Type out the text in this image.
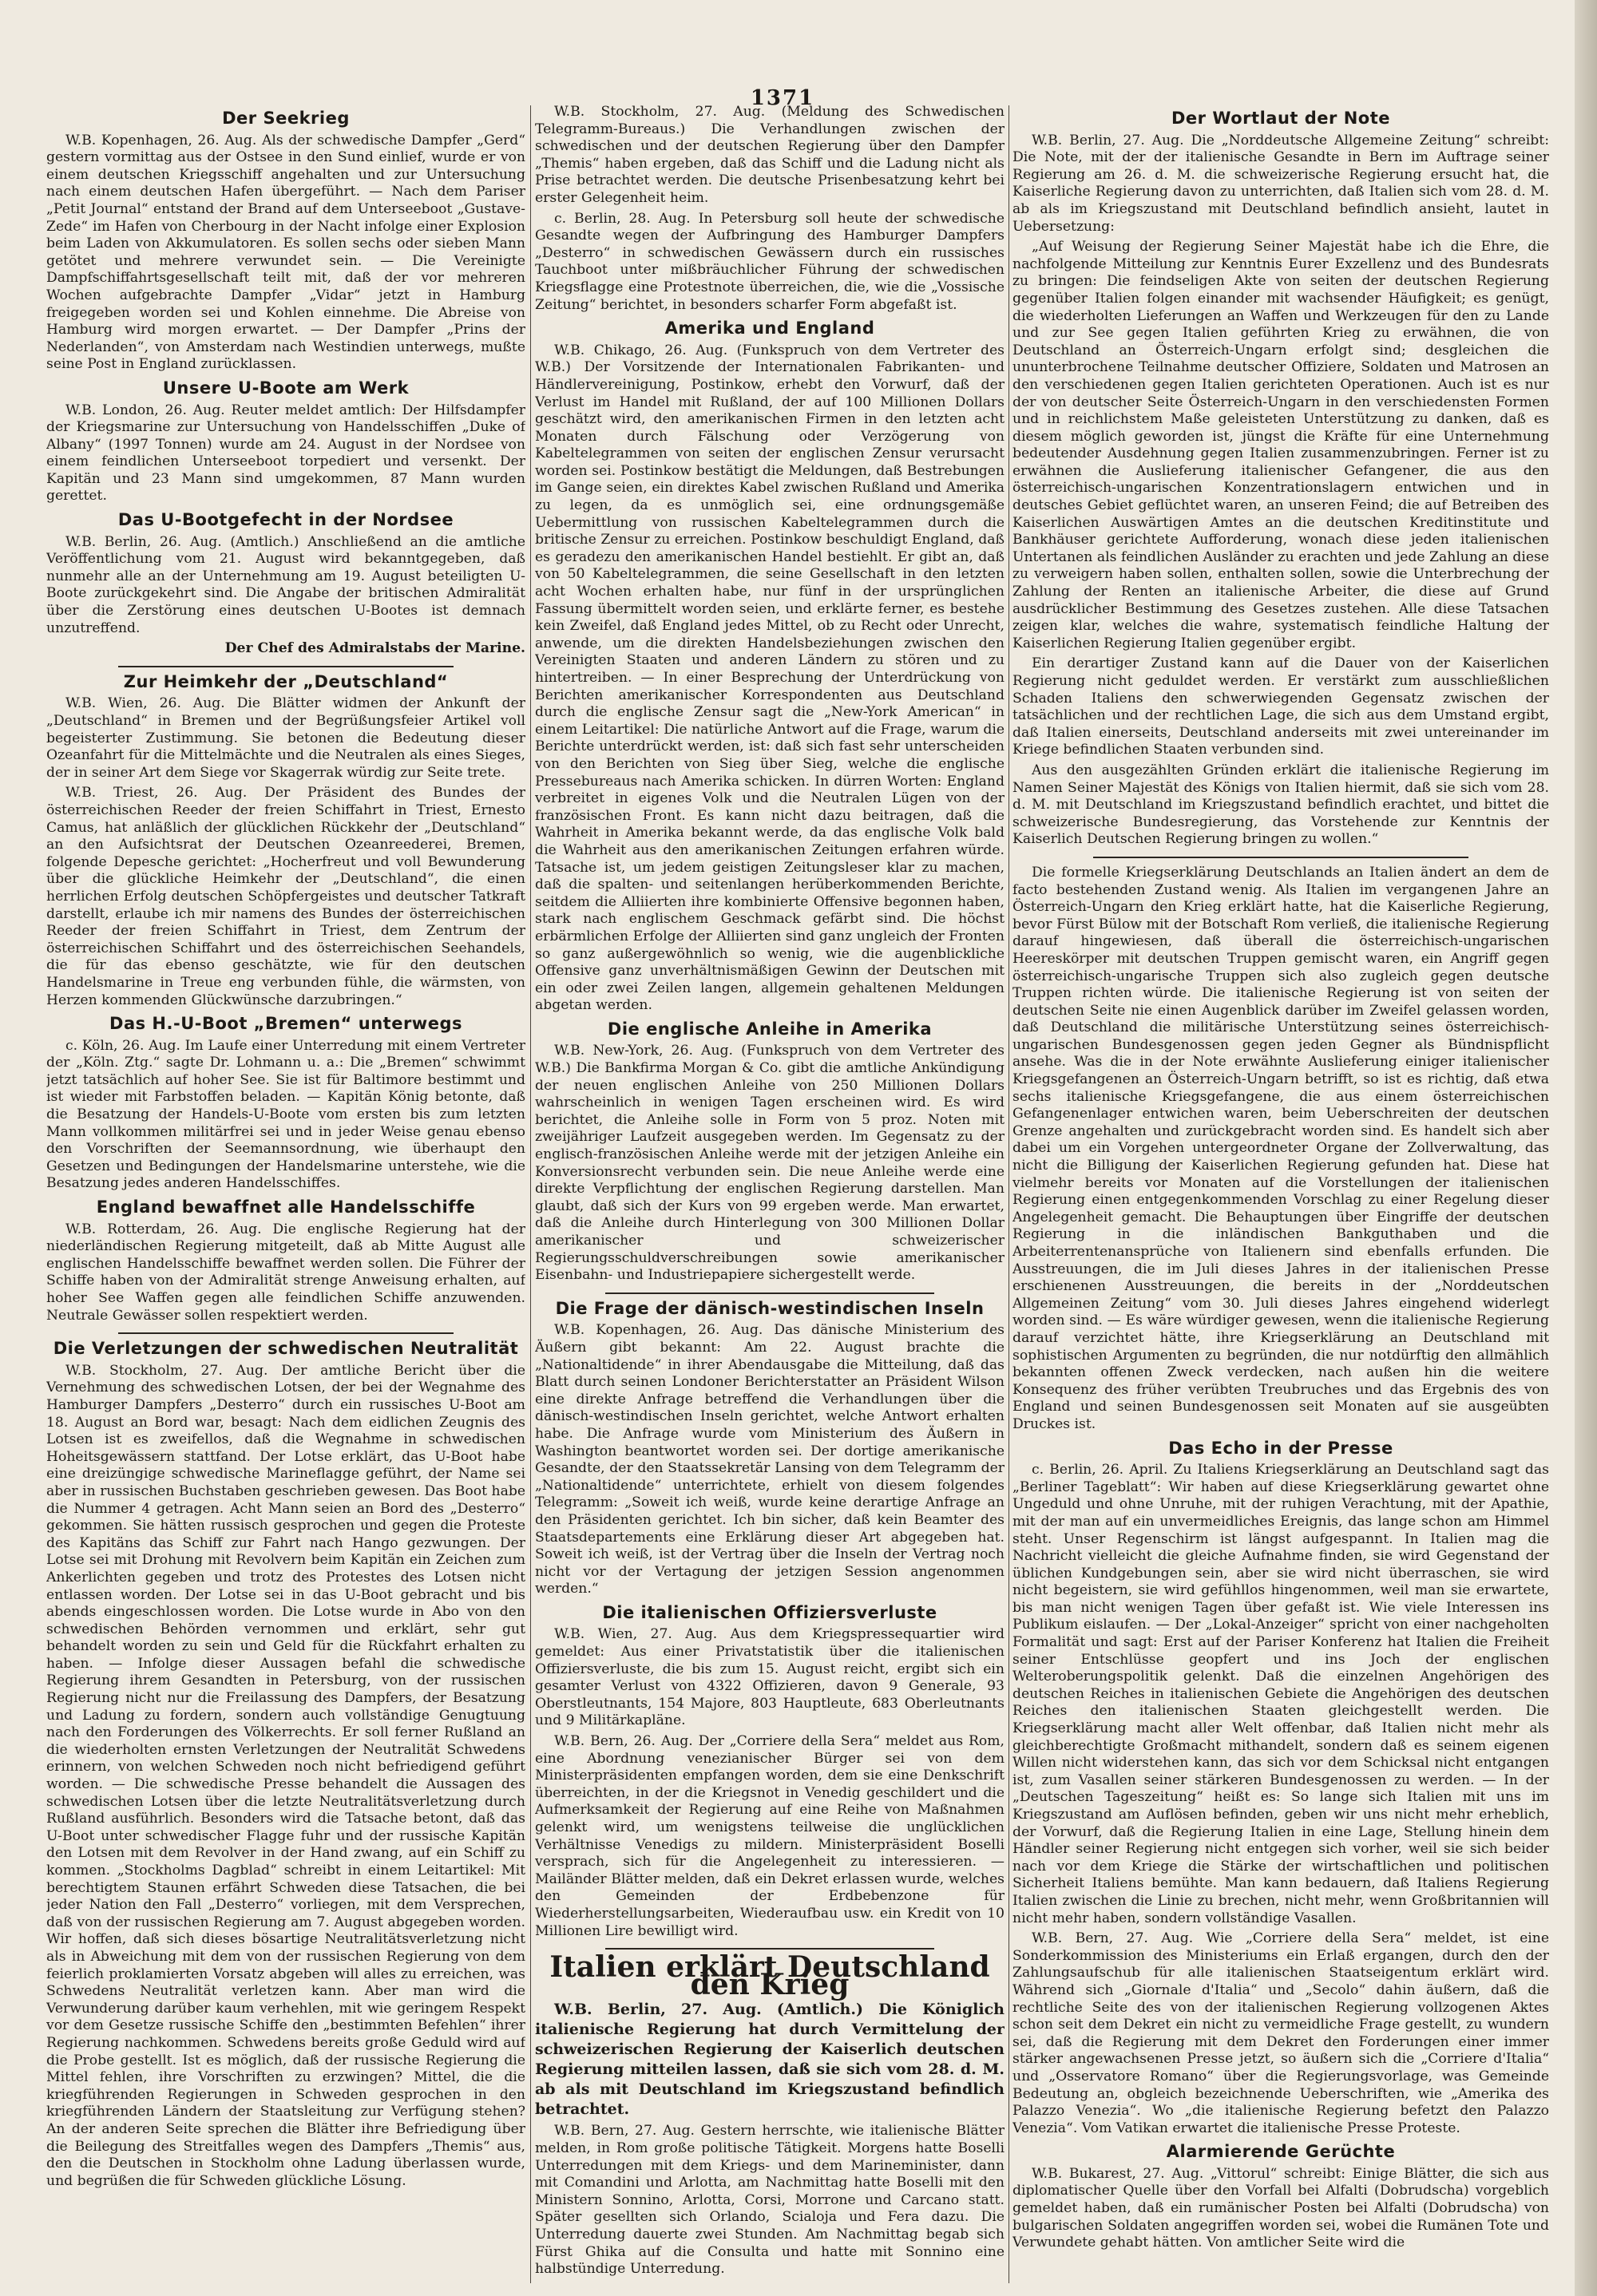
1371
Der Seekrieg

W.B. Kopenhagen, 26. Aug. Als der schwedische Dampfer „Gerd“ gestern vormittag aus der Ostsee in den Sund einlief, wurde er von einem deutschen Kriegsschiff angehalten und zur Untersuchung nach einem deutschen Hafen übergeführt. — Nach dem Pariser „Petit Journal“ entstand der Brand auf dem Unterseeboot „Gustave-Zede“ im Hafen von Cherbourg in der Nacht infolge einer Explosion beim Laden von Akkumulatoren. Es sollen sechs oder sieben Mann getötet und mehrere verwundet sein. — Die Vereinigte Dampfschiffahrtsgesellschaft teilt mit, daß der vor mehreren Wochen aufgebrachte Dampfer „Vidar“ jetzt in Hamburg freigegeben worden sei und Kohlen einnehme. Die Abreise von Hamburg wird morgen erwartet. — Der Dampfer „Prins der Nederlanden“, von Amsterdam nach Westindien unterwegs, mußte seine Post in England zurücklassen.

Unsere U-Boote am Werk

W.B. London, 26. Aug. Reuter meldet amtlich: Der Hilfsdampfer der Kriegsmarine zur Untersuchung von Handelsschiffen „Duke of Albany“ (1997 Tonnen) wurde am 24. August in der Nordsee von einem feindlichen Unterseeboot torpediert und versenkt. Der Kapitän und 23 Mann sind umgekommen, 87 Mann wurden gerettet.

Das U-Bootgefecht in der Nordsee

W.B. Berlin, 26. Aug. (Amtlich.) Anschließend an die amtliche Veröffentlichung vom 21. August wird bekanntgegeben, daß nunmehr alle an der Unternehmung am 19. August beteiligten U-Boote zurückgekehrt sind. Die Angabe der britischen Admiralität über die Zerstörung eines deutschen U-Bootes ist demnach unzutreffend.

Der Chef des Admiralstabs der Marine.

Zur Heimkehr der „Deutschland“

W.B. Wien, 26. Aug. Die Blätter widmen der Ankunft der „Deutschland“ in Bremen und der Begrüßungsfeier Artikel voll begeisterter Zustimmung. Sie betonen die Bedeutung dieser Ozeanfahrt für die Mittelmächte und die Neutralen als eines Sieges, der in seiner Art dem Siege vor Skagerrak würdig zur Seite trete.

W.B. Triest, 26. Aug. Der Präsident des Bundes der österreichischen Reeder der freien Schiffahrt in Triest, Ernesto Camus, hat anläßlich der glücklichen Rückkehr der „Deutschland“ an den Aufsichtsrat der Deutschen Ozeanreederei, Bremen, folgende Depesche gerichtet: „Hocherfreut und voll Bewunderung über die glückliche Heimkehr der „Deutschland“, die einen herrlichen Erfolg deutschen Schöpfergeistes und deutscher Tatkraft darstellt, erlaube ich mir namens des Bundes der österreichischen Reeder der freien Schiffahrt in Triest, dem Zentrum der österreichischen Schiffahrt und des österreichischen Seehandels, die für das ebenso geschätzte, wie für den deutschen Handelsmarine in Treue eng verbunden fühle, die wärmsten, von Herzen kommenden Glückwünsche darzubringen.“

Das H.-U-Boot „Bremen“ unterwegs

c. Köln, 26. Aug. Im Laufe einer Unterredung mit einem Vertreter der „Köln. Ztg.“ sagte Dr. Lohmann u. a.: Die „Bremen“ schwimmt jetzt tatsächlich auf hoher See. Sie ist für Baltimore bestimmt und ist wieder mit Farbstoffen beladen. — Kapitän König betonte, daß die Besatzung der Handels-U-Boote vom ersten bis zum letzten Mann vollkommen militärfrei sei und in jeder Weise genau ebenso den Vorschriften der Seemannsordnung, wie überhaupt den Gesetzen und Bedingungen der Handelsmarine unterstehe, wie die Besatzung jedes anderen Handelsschiffes.

England bewaffnet alle Handelsschiffe

W.B. Rotterdam, 26. Aug. Die englische Regierung hat der niederländischen Regierung mitgeteilt, daß ab Mitte August alle englischen Handelsschiffe bewaffnet werden sollen. Die Führer der Schiffe haben von der Admiralität strenge Anweisung erhalten, auf hoher See Waffen gegen alle feindlichen Schiffe anzuwenden. Neutrale Gewässer sollen respektiert werden.

Die Verletzungen der schwedischen Neutralität

W.B. Stockholm, 27. Aug. Der amtliche Bericht über die Vernehmung des schwedischen Lotsen, der bei der Wegnahme des Hamburger Dampfers „Desterro“ durch ein russisches U-Boot am 18. August an Bord war, besagt: Nach dem eidlichen Zeugnis des Lotsen ist es zweifellos, daß die Wegnahme in schwedischen Hoheitsgewässern stattfand. Der Lotse erklärt, das U-Boot habe eine dreizüngige schwedische Marineflagge geführt, der Name sei aber in russischen Buchstaben geschrieben gewesen. Das Boot habe die Nummer 4 getragen. Acht Mann seien an Bord des „Desterro“ gekommen. Sie hätten russisch gesprochen und gegen die Proteste des Kapitäns das Schiff zur Fahrt nach Hango gezwungen. Der Lotse sei mit Drohung mit Revolvern beim Kapitän ein Zeichen zum Ankerlichten gegeben und trotz des Protestes des Lotsen nicht entlassen worden. Der Lotse sei in das U-Boot gebracht und bis abends eingeschlossen worden. Die Lotse wurde in Abo von den schwedischen Behörden vernommen und erklärt, sehr gut behandelt worden zu sein und Geld für die Rückfahrt erhalten zu haben. — Infolge dieser Aussagen befahl die schwedische Regierung ihrem Gesandten in Petersburg, von der russischen Regierung nicht nur die Freilassung des Dampfers, der Besatzung und Ladung zu fordern, sondern auch vollständige Genugtuung nach den Forderungen des Völkerrechts. Er soll ferner Rußland an die wiederholten ernsten Verletzungen der Neutralität Schwedens erinnern, von welchen Schweden noch nicht befriedigend geführt worden. — Die schwedische Presse behandelt die Aussagen des schwedischen Lotsen über die letzte Neutralitätsverletzung durch Rußland ausführlich. Besonders wird die Tatsache betont, daß das U-Boot unter schwedischer Flagge fuhr und der russische Kapitän den Lotsen mit dem Revolver in der Hand zwang, auf ein Schiff zu kommen. „Stockholms Dagblad“ schreibt in einem Leitartikel: Mit berechtigtem Staunen erfährt Schweden diese Tatsachen, die bei jeder Nation den Fall „Desterro“ vorliegen, mit dem Versprechen, daß von der russischen Regierung am 7. August abgegeben worden. Wir hoffen, daß sich dieses bösartige Neutralitätsverletzung nicht als in Abweichung mit dem von der russischen Regierung von dem feierlich proklamierten Vorsatz abgeben will alles zu erreichen, was Schwedens Neutralität verletzen kann. Aber man wird die Verwunderung darüber kaum verhehlen, mit wie geringem Respekt vor dem Gesetze russische Schiffe den „bestimmten Befehlen“ ihrer Regierung nachkommen. Schwedens bereits große Geduld wird auf die Probe gestellt. Ist es möglich, daß der russische Regierung die Mittel fehlen, ihre Vorschriften zu erzwingen? Mittel, die die kriegführenden Regierungen in Schweden gesprochen in den kriegführenden Ländern der Staatsleitung zur Verfügung stehen? An der anderen Seite sprechen die Blätter ihre Befriedigung über die Beilegung des Streitfalles wegen des Dampfers „Themis“ aus, den die Deutschen in Stockholm ohne Ladung überlassen wurde, und begrüßen die für Schweden glückliche Lösung.

W.B. Stockholm, 27. Aug. (Meldung des Schwedischen Telegramm-Bureaus.) Die Verhandlungen zwischen der schwedischen und der deutschen Regierung über den Dampfer „Themis“ haben ergeben, daß das Schiff und die Ladung nicht als Prise betrachtet werden. Die deutsche Prisenbesatzung kehrt bei erster Gelegenheit heim.

c. Berlin, 28. Aug. In Petersburg soll heute der schwedische Gesandte wegen der Aufbringung des Hamburger Dampfers „Desterro“ in schwedischen Gewässern durch ein russisches Tauchboot unter mißbräuchlicher Führung der schwedischen Kriegsflagge eine Protestnote überreichen, die, wie die „Vossische Zeitung“ berichtet, in besonders scharfer Form abgefaßt ist.

Amerika und England

W.B. Chikago, 26. Aug. (Funkspruch von dem Vertreter des W.B.) Der Vorsitzende der Internationalen Fabrikanten- und Händlervereinigung, Postinkow, erhebt den Vorwurf, daß der Verlust im Handel mit Rußland, der auf 100 Millionen Dollars geschätzt wird, den amerikanischen Firmen in den letzten acht Monaten durch Fälschung oder Verzögerung von Kabeltelegrammen von seiten der englischen Zensur verursacht worden sei. Postinkow bestätigt die Meldungen, daß Bestrebungen im Gange seien, ein direktes Kabel zwischen Rußland und Amerika zu legen, da es unmöglich sei, eine ordnungsgemäße Uebermittlung von russischen Kabeltelegrammen durch die britische Zensur zu erreichen. Postinkow beschuldigt England, daß es geradezu den amerikanischen Handel bestiehlt. Er gibt an, daß von 50 Kabeltelegrammen, die seine Gesellschaft in den letzten acht Wochen erhalten habe, nur fünf in der ursprünglichen Fassung übermittelt worden seien, und erklärte ferner, es bestehe kein Zweifel, daß England jedes Mittel, ob zu Recht oder Unrecht, anwende, um die direkten Handelsbeziehungen zwischen den Vereinigten Staaten und anderen Ländern zu stören und zu hintertreiben. — In einer Besprechung der Unterdrückung von Berichten amerikanischer Korrespondenten aus Deutschland durch die englische Zensur sagt die „New-York American“ in einem Leitartikel: Die natürliche Antwort auf die Frage, warum die Berichte unterdrückt werden, ist: daß sich fast sehr unterscheiden von den Berichten von Sieg über Sieg, welche die englische Pressebureaus nach Amerika schicken. In dürren Worten: England verbreitet in eigenes Volk und die Neutralen Lügen von der französischen Front. Es kann nicht dazu beitragen, daß die Wahrheit in Amerika bekannt werde, da das englische Volk bald die Wahrheit aus den amerikanischen Zeitungen erfahren würde. Tatsache ist, um jedem geistigen Zeitungsleser klar zu machen, daß die spalten- und seitenlangen herüberkommenden Berichte, seitdem die Alliierten ihre kombinierte Offensive begonnen haben, stark nach englischem Geschmack gefärbt sind. Die höchst erbärmlichen Erfolge der Alliierten sind ganz ungleich der Fronten so ganz außergewöhnlich so wenig, wie die augenblickliche Offensive ganz unverhältnismäßigen Gewinn der Deutschen mit ein oder zwei Zeilen langen, allgemein gehaltenen Meldungen abgetan werden.

Die englische Anleihe in Amerika

W.B. New-York, 26. Aug. (Funkspruch von dem Vertreter des W.B.) Die Bankfirma Morgan & Co. gibt die amtliche Ankündigung der neuen englischen Anleihe von 250 Millionen Dollars wahrscheinlich in wenigen Tagen erscheinen wird. Es wird berichtet, die Anleihe solle in Form von 5 proz. Noten mit zweijähriger Laufzeit ausgegeben werden. Im Gegensatz zu der englisch-französischen Anleihe werde mit der jetzigen Anleihe ein Konversionsrecht verbunden sein. Die neue Anleihe werde eine direkte Verpflichtung der englischen Regierung darstellen. Man glaubt, daß sich der Kurs von 99 ergeben werde. Man erwartet, daß die Anleihe durch Hinterlegung von 300 Millionen Dollar amerikanischer und schweizerischer Regierungsschuldverschreibungen sowie amerikanischer Eisenbahn- und Industriepapiere sichergestellt werde.

Die Frage der dänisch-westindischen Inseln

W.B. Kopenhagen, 26. Aug. Das dänische Ministerium des Äußern gibt bekannt: Am 22. August brachte die „Nationaltidende“ in ihrer Abendausgabe die Mitteilung, daß das Blatt durch seinen Londoner Berichterstatter an Präsident Wilson eine direkte Anfrage betreffend die Verhandlungen über die dänisch-westindischen Inseln gerichtet, welche Antwort erhalten habe. Die Anfrage wurde vom Ministerium des Äußern in Washington beantwortet worden sei. Der dortige amerikanische Gesandte, der den Staatssekretär Lansing von dem Telegramm der „Nationaltidende“ unterrichtete, erhielt von diesem folgendes Telegramm: „Soweit ich weiß, wurde keine derartige Anfrage an den Präsidenten gerichtet. Ich bin sicher, daß kein Beamter des Staatsdepartements eine Erklärung dieser Art abgegeben hat. Soweit ich weiß, ist der Vertrag über die Inseln der Vertrag noch nicht vor der Vertagung der jetzigen Session angenommen werden.“

Die italienischen Offiziersverluste

W.B. Wien, 27. Aug. Aus dem Kriegspressequartier wird gemeldet: Aus einer Privatstatistik über die italienischen Offiziersverluste, die bis zum 15. August reicht, ergibt sich ein gesamter Verlust von 4322 Offizieren, davon 9 Generale, 93 Oberstleutnants, 154 Majore, 803 Hauptleute, 683 Oberleutnants und 9 Militärkapläne.

W.B. Bern, 26. Aug. Der „Corriere della Sera“ meldet aus Rom, eine Abordnung venezianischer Bürger sei von dem Ministerpräsidenten empfangen worden, dem sie eine Denkschrift überreichten, in der die Kriegsnot in Venedig geschildert und die Aufmerksamkeit der Regierung auf eine Reihe von Maßnahmen gelenkt wird, um wenigstens teilweise die unglücklichen Verhältnisse Venedigs zu mildern. Ministerpräsident Boselli versprach, sich für die Angelegenheit zu interessieren. — Mailänder Blätter melden, daß ein Dekret erlassen wurde, welches den Gemeinden der Erdbebenzone für Wiederherstellungsarbeiten, Wiederaufbau usw. ein Kredit von 10 Millionen Lire bewilligt wird.

Italien erklärt Deutschland den Krieg

W.B. Berlin, 27. Aug. (Amtlich.) Die Königlich italienische Regierung hat durch Vermittelung der schweizerischen Regierung der Kaiserlich deutschen Regierung mitteilen lassen, daß sie sich vom 28. d. M. ab als mit Deutschland im Kriegszustand befindlich betrachtet.

W.B. Bern, 27. Aug. Gestern herrschte, wie italienische Blätter melden, in Rom große politische Tätigkeit. Morgens hatte Boselli Unterredungen mit dem Kriegs- und dem Marineminister, dann mit Comandini und Arlotta, am Nachmittag hatte Boselli mit den Ministern Sonnino, Arlotta, Corsi, Morrone und Carcano statt. Später gesellten sich Orlando, Scialoja und Fera dazu. Die Unterredung dauerte zwei Stunden. Am Nachmittag begab sich Fürst Ghika auf die Consulta und hatte mit Sonnino eine halbstündige Unterredung.

Der Wortlaut der Note

W.B. Berlin, 27. Aug. Die „Norddeutsche Allgemeine Zeitung“ schreibt: Die Note, mit der der italienische Gesandte in Bern im Auftrage seiner Regierung am 26. d. M. die schweizerische Regierung ersucht hat, die Kaiserliche Regierung davon zu unterrichten, daß Italien sich vom 28. d. M. ab als im Kriegszustand mit Deutschland befindlich ansieht, lautet in Uebersetzung:

„Auf Weisung der Regierung Seiner Majestät habe ich die Ehre, die nachfolgende Mitteilung zur Kenntnis Eurer Exzellenz und des Bundesrats zu bringen: Die feindseligen Akte von seiten der deutschen Regierung gegenüber Italien folgen einander mit wachsender Häufigkeit; es genügt, die wiederholten Lieferungen an Waffen und Werkzeugen für den zu Lande und zur See gegen Italien geführten Krieg zu erwähnen, die von Deutschland an Österreich-Ungarn erfolgt sind; desgleichen die ununterbrochene Teilnahme deutscher Offiziere, Soldaten und Matrosen an den verschiedenen gegen Italien gerichteten Operationen. Auch ist es nur der von deutscher Seite Österreich-Ungarn in den verschiedensten Formen und in reichlichstem Maße geleisteten Unterstützung zu danken, daß es diesem möglich geworden ist, jüngst die Kräfte für eine Unternehmung bedeutender Ausdehnung gegen Italien zusammenzubringen. Ferner ist zu erwähnen die Auslieferung italienischer Gefangener, die aus den österreichisch-ungarischen Konzentrationslagern entwichen und in deutsches Gebiet geflüchtet waren, an unseren Feind; die auf Betreiben des Kaiserlichen Auswärtigen Amtes an die deutschen Kreditinstitute und Bankhäuser gerichtete Aufforderung, wonach diese jeden italienischen Untertanen als feindlichen Ausländer zu erachten und jede Zahlung an diese zu verweigern haben sollen, enthalten sollen, sowie die Unterbrechung der Zahlung der Renten an italienische Arbeiter, die diese auf Grund ausdrücklicher Bestimmung des Gesetzes zustehen. Alle diese Tatsachen zeigen klar, welches die wahre, systematisch feindliche Haltung der Kaiserlichen Regierung Italien gegenüber ergibt.

Ein derartiger Zustand kann auf die Dauer von der Kaiserlichen Regierung nicht geduldet werden. Er verstärkt zum ausschließlichen Schaden Italiens den schwerwiegenden Gegensatz zwischen der tatsächlichen und der rechtlichen Lage, die sich aus dem Umstand ergibt, daß Italien einerseits, Deutschland anderseits mit zwei untereinander im Kriege befindlichen Staaten verbunden sind.

Aus den ausgezählten Gründen erklärt die italienische Regierung im Namen Seiner Majestät des Königs von Italien hiermit, daß sie sich vom 28. d. M. mit Deutschland im Kriegszustand befindlich erachtet, und bittet die schweizerische Bundesregierung, das Vorstehende zur Kenntnis der Kaiserlich Deutschen Regierung bringen zu wollen.“

Die formelle Kriegserklärung Deutschlands an Italien ändert an dem de facto bestehenden Zustand wenig. Als Italien im vergangenen Jahre an Österreich-Ungarn den Krieg erklärt hatte, hat die Kaiserliche Regierung, bevor Fürst Bülow mit der Botschaft Rom verließ, die italienische Regierung darauf hingewiesen, daß überall die österreichisch-ungarischen Heereskörper mit deutschen Truppen gemischt waren, ein Angriff gegen österreichisch-ungarische Truppen sich also zugleich gegen deutsche Truppen richten würde. Die italienische Regierung ist von seiten der deutschen Seite nie einen Augenblick darüber im Zweifel gelassen worden, daß Deutschland die militärische Unterstützung seines österreichisch-ungarischen Bundesgenossen gegen jeden Gegner als Bündnispflicht ansehe. Was die in der Note erwähnte Auslieferung einiger italienischer Kriegsgefangenen an Österreich-Ungarn betrifft, so ist es richtig, daß etwa sechs italienische Kriegsgefangene, die aus einem österreichischen Gefangenenlager entwichen waren, beim Ueberschreiten der deutschen Grenze angehalten und zurückgebracht worden sind. Es handelt sich aber dabei um ein Vorgehen untergeordneter Organe der Zollverwaltung, das nicht die Billigung der Kaiserlichen Regierung gefunden hat. Diese hat vielmehr bereits vor Monaten auf die Vorstellungen der italienischen Regierung einen entgegenkommenden Vorschlag zu einer Regelung dieser Angelegenheit gemacht. Die Behauptungen über Eingriffe der deutschen Regierung in die inländischen Bankguthaben und die Arbeiterrentenansprüche von Italienern sind ebenfalls erfunden. Die Ausstreuungen, die im Juli dieses Jahres in der italienischen Presse erschienenen Ausstreuungen, die bereits in der „Norddeutschen Allgemeinen Zeitung“ vom 30. Juli dieses Jahres eingehend widerlegt worden sind. — Es wäre würdiger gewesen, wenn die italienische Regierung darauf verzichtet hätte, ihre Kriegserklärung an Deutschland mit sophistischen Argumenten zu begründen, die nur notdürftig den allmählich bekannten offenen Zweck verdecken, nach außen hin die weitere Konsequenz des früher verübten Treubruches und das Ergebnis des von England und seinen Bundesgenossen seit Monaten auf sie ausgeübten Druckes ist.

Das Echo in der Presse

c. Berlin, 26. April. Zu Italiens Kriegserklärung an Deutschland sagt das „Berliner Tageblatt“: Wir haben auf diese Kriegserklärung gewartet ohne Ungeduld und ohne Unruhe, mit der ruhigen Verachtung, mit der Apathie, mit der man auf ein unvermeidliches Ereignis, das lange schon am Himmel steht. Unser Regenschirm ist längst aufgespannt. In Italien mag die Nachricht vielleicht die gleiche Aufnahme finden, sie wird Gegenstand der üblichen Kundgebungen sein, aber sie wird nicht überraschen, sie wird nicht begeistern, sie wird gefühllos hingenommen, weil man sie erwartete, bis man nicht wenigen Tagen über gefaßt ist. Wie viele Interessen ins Publikum eislaufen. — Der „Lokal-Anzeiger“ spricht von einer nachgeholten Formalität und sagt: Erst auf der Pariser Konferenz hat Italien die Freiheit seiner Entschlüsse geopfert und ins Joch der englischen Welteroberungspolitik gelenkt. Daß die einzelnen Angehörigen des deutschen Reiches in italienischen Gebiete die Angehörigen des deutschen Reiches den italienischen Staaten gleichgestellt werden. Die Kriegserklärung macht aller Welt offenbar, daß Italien nicht mehr als gleichberechtigte Großmacht mithandelt, sondern daß es seinem eigenen Willen nicht widerstehen kann, das sich vor dem Schicksal nicht entgangen ist, zum Vasallen seiner stärkeren Bundesgenossen zu werden. — In der „Deutschen Tageszeitung“ heißt es: So lange sich Italien mit uns im Kriegszustand am Auflösen befinden, geben wir uns nicht mehr erheblich, der Vorwurf, daß die Regierung Italien in eine Lage, Stellung hinein dem Händler seiner Regierung nicht entgegen sich vorher, weil sie sich beider nach vor dem Kriege die Stärke der wirtschaftlichen und politischen Sicherheit Italiens bemühte. Man kann bedauern, daß Italiens Regierung Italien zwischen die Linie zu brechen, nicht mehr, wenn Großbritannien will nicht mehr haben, sondern vollständige Vasallen.

W.B. Bern, 27. Aug. Wie „Corriere della Sera“ meldet, ist eine Sonderkommission des Ministeriums ein Erlaß ergangen, durch den der Zahlungsaufschub für alle italienischen Staatseigentum erklärt wird. Während sich „Giornale d'Italia“ und „Secolo“ dahin äußern, daß die rechtliche Seite des von der italienischen Regierung vollzogenen Aktes schon seit dem Dekret ein nicht zu vermeidliche Frage gestellt, zu wundern sei, daß die Regierung mit dem Dekret den Forderungen einer immer stärker angewachsenen Presse jetzt, so äußern sich die „Corriere d'Italia“ und „Osservatore Romano“ über die Regierungsvorlage, was Gemeinde Bedeutung an, obgleich bezeichnende Ueberschriften, wie „Amerika des Palazzo Venezia“. Wo „die italienische Regierung befetzt den Palazzo Venezia“. Vom Vatikan erwartet die italienische Presse Proteste.

Alarmierende Gerüchte

W.B. Bukarest, 27. Aug. „Vittorul“ schreibt: Einige Blätter, die sich aus diplomatischer Quelle über den Vorfall bei Alfalti (Dobrudscha) vorgeblich gemeldet haben, daß ein rumänischer Posten bei Alfalti (Dobrudscha) von bulgarischen Soldaten angegriffen worden sei, wobei die Rumänen Tote und Verwundete gehabt hätten. Von amtlicher Seite wird die
